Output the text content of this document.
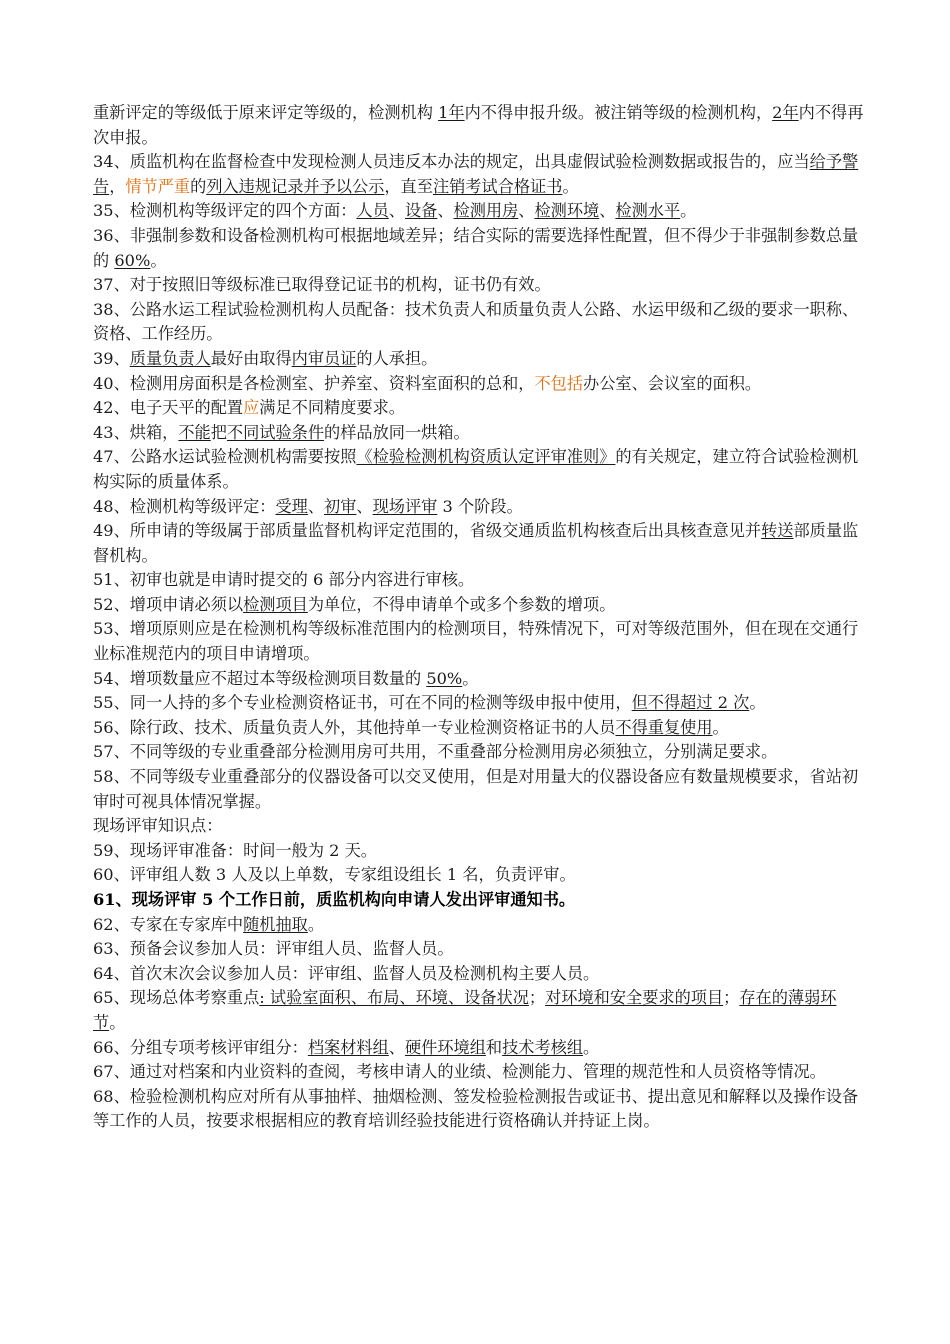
重新评定的等级低于原来评定等级的，检测机构 1年内不得申报升级。被注销等级的检测机构，2年内不得再次申报。

34、质监机构在监督检查中发现检测人员违反本办法的规定，出具虚假试验检测数据或报告的，应当给予警告，情节严重的列入违规记录并予以公示，直至注销考试合格证书。

35、检测机构等级评定的四个方面：人员、设备、检测用房、检测环境、检测水平。

36、非强制参数和设备检测机构可根据地域差异；结合实际的需要选择性配置，但不得少于非强制参数总量的 60%。

37、对于按照旧等级标准已取得登记证书的机构，证书仍有效。

38、公路水运工程试验检测机构人员配备：技术负责人和质量负责人公路、水运甲级和乙级的要求一职称、资格、工作经历。

39、质量负责人最好由取得内审员证的人承担。

40、检测用房面积是各检测室、护养室、资料室面积的总和，不包括办公室、会议室的面积。

42、电子天平的配置应满足不同精度要求。

43、烘箱，不能把不同试验条件的样品放同一烘箱。

47、公路水运试验检测机构需要按照《检验检测机构资质认定评审准则》的有关规定，建立符合试验检测机构实际的质量体系。

48、检测机构等级评定：受理、初审、现场评审 3 个阶段。

49、所申请的等级属于部质量监督机构评定范围的，省级交通质监机构核查后出具核查意见并转送部质量监督机构。

51、初审也就是申请时提交的 6 部分内容进行审核。

52、增项申请必须以检测项目为单位，不得申请单个或多个参数的增项。

53、增项原则应是在检测机构等级标准范围内的检测项目，特殊情况下，可对等级范围外，但在现在交通行业标准规范内的项目申请增项。

54、增项数量应不超过本等级检测项目数量的 50%。

55、同一人持的多个专业检测资格证书，可在不同的检测等级申报中使用，但不得超过 2 次。

56、除行政、技术、质量负责人外，其他持单一专业检测资格证书的人员不得重复使用。

57、不同等级的专业重叠部分检测用房可共用，不重叠部分检测用房必须独立，分别满足要求。

58、不同等级专业重叠部分的仪器设备可以交叉使用，但是对用量大的仪器设备应有数量规模要求，省站初审时可视具体情况掌握。

现场评审知识点：

59、现场评审准备：时间一般为 2 天。

60、评审组人数 3 人及以上单数，专家组设组长 1 名，负责评审。

61、现场评审 5 个工作日前，质监机构向申请人发出评审通知书。

62、专家在专家库中随机抽取。

63、预备会议参加人员：评审组人员、监督人员。

64、首次末次会议参加人员：评审组、监督人员及检测机构主要人员。

65、现场总体考察重点: 试验室面积、布局、环境、设备状况；对环境和安全要求的项目；存在的薄弱环节。

66、分组专项考核评审组分：档案材料组、硬件环境组和技术考核组。

67、通过对档案和内业资料的查阅，考核申请人的业绩、检测能力、管理的规范性和人员资格等情况。

68、检验检测机构应对所有从事抽样、抽烟检测、签发检验检测报告或证书、提出意见和解释以及操作设备等工作的人员，按要求根据相应的教育培训经验技能进行资格确认并持证上岗。
